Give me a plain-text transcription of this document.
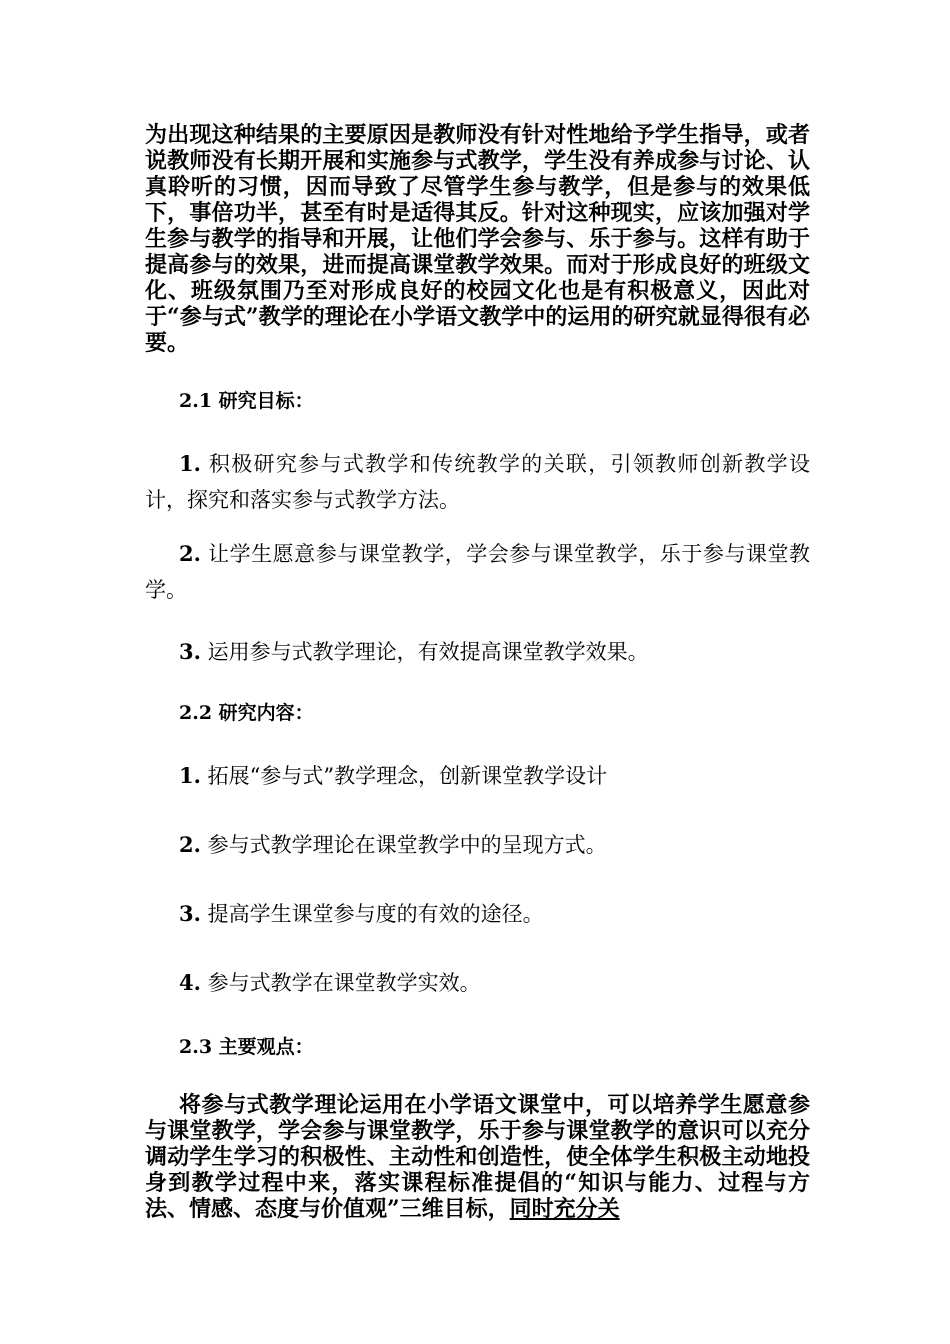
为出现这种结果的主要原因是教师没有针对性地给予学生指导，或者说教师没有长期开展和实施参与式教学，学生没有养成参与讨论、认真聆听的习惯，因而导致了尽管学生参与教学，但是参与的效果低下，事倍功半，甚至有时是适得其反。针对这种现实，应该加强对学生参与教学的指导和开展，让他们学会参与、乐于参与。这样有助于提高参与的效果，进而提高课堂教学效果。而对于形成良好的班级文化、班级氛围乃至对形成良好的校园文化也是有积极意义，因此对于“参与式”教学的理论在小学语文教学中的运用的研究就显得很有必要。

2.1 研究目标：

1. 积极研究参与式教学和传统教学的关联，引领教师创新教学设计，探究和落实参与式教学方法。

2. 让学生愿意参与课堂教学，学会参与课堂教学，乐于参与课堂教学。

3. 运用参与式教学理论，有效提高课堂教学效果。

2.2 研究内容：

1. 拓展“参与式”教学理念，创新课堂教学设计

2. 参与式教学理论在课堂教学中的呈现方式。

3. 提高学生课堂参与度的有效的途径。

4. 参与式教学在课堂教学实效。

2.3 主要观点：

将参与式教学理论运用在小学语文课堂中，可以培养学生愿意参与课堂教学，学会参与课堂教学，乐于参与课堂教学的意识可以充分调动学生学习的积极性、主动性和创造性，使全体学生积极主动地投身到教学过程中来，落实课程标准提倡的“知识与能力、过程与方法、情感、态度与价值观”三维目标，同时充分关
